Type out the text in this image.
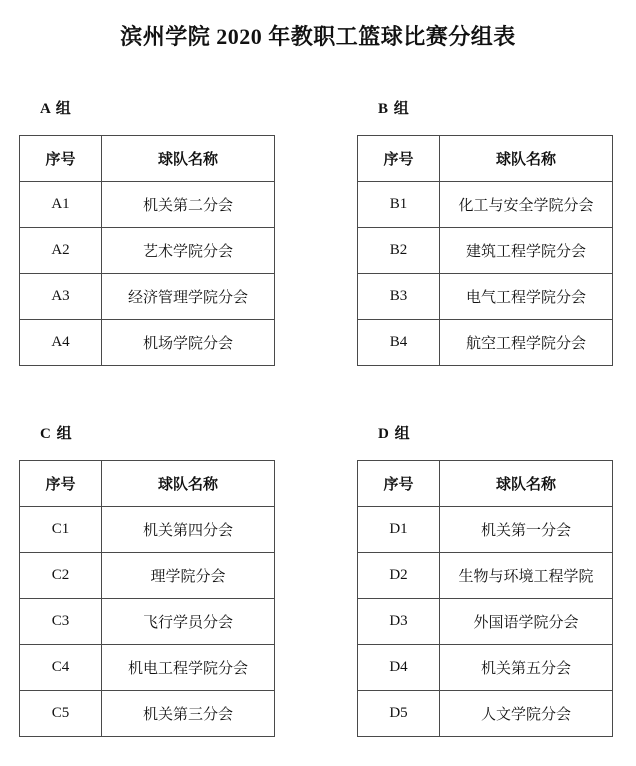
滨州学院 2020 年教职工篮球比赛分组表
A 组
序号	球队名称
A1	机关第二分会
A2	艺术学院分会
A3	经济管理学院分会
A4	机场学院分会
B 组
序号	球队名称
B1	化工与安全学院分会
B2	建筑工程学院分会
B3	电气工程学院分会
B4	航空工程学院分会
C 组
序号	球队名称
C1	机关第四分会
C2	理学院分会
C3	飞行学员分会
C4	机电工程学院分会
C5	机关第三分会
D 组
序号	球队名称
D1	机关第一分会
D2	生物与环境工程学院
D3	外国语学院分会
D4	机关第五分会
D5	人文学院分会
